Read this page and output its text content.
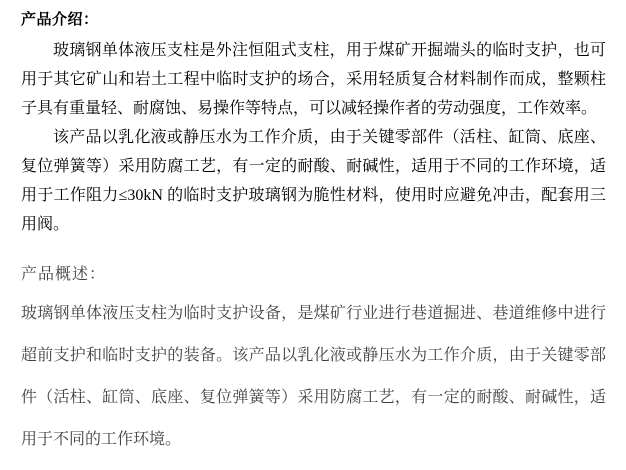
产品介绍：

玻璃钢单体液压支柱是外注恒阻式支柱，用于煤矿开掘端头的临时支护，也可用于其它矿山和岩土工程中临时支护的场合，采用轻质复合材料制作而成，整颗柱子具有重量轻、耐腐蚀、易操作等特点，可以减轻操作者的劳动强度，工作效率。

该产品以乳化液或静压水为工作介质，由于关键零部件（活柱、缸筒、底座、复位弹簧等）采用防腐工艺，有一定的耐酸、耐碱性，适用于不同的工作环境，适用于工作阻力≤30kN 的临时支护玻璃钢为脆性材料，使用时应避免冲击，配套用三用阀。

产品概述：

玻璃钢单体液压支柱为临时支护设备，是煤矿行业进行巷道掘进、巷道维修中进行超前支护和临时支护的装备。该产品以乳化液或静压水为工作介质，由于关键零部件（活柱、缸筒、底座、复位弹簧等）采用防腐工艺，有一定的耐酸、耐碱性，适用于不同的工作环境。
